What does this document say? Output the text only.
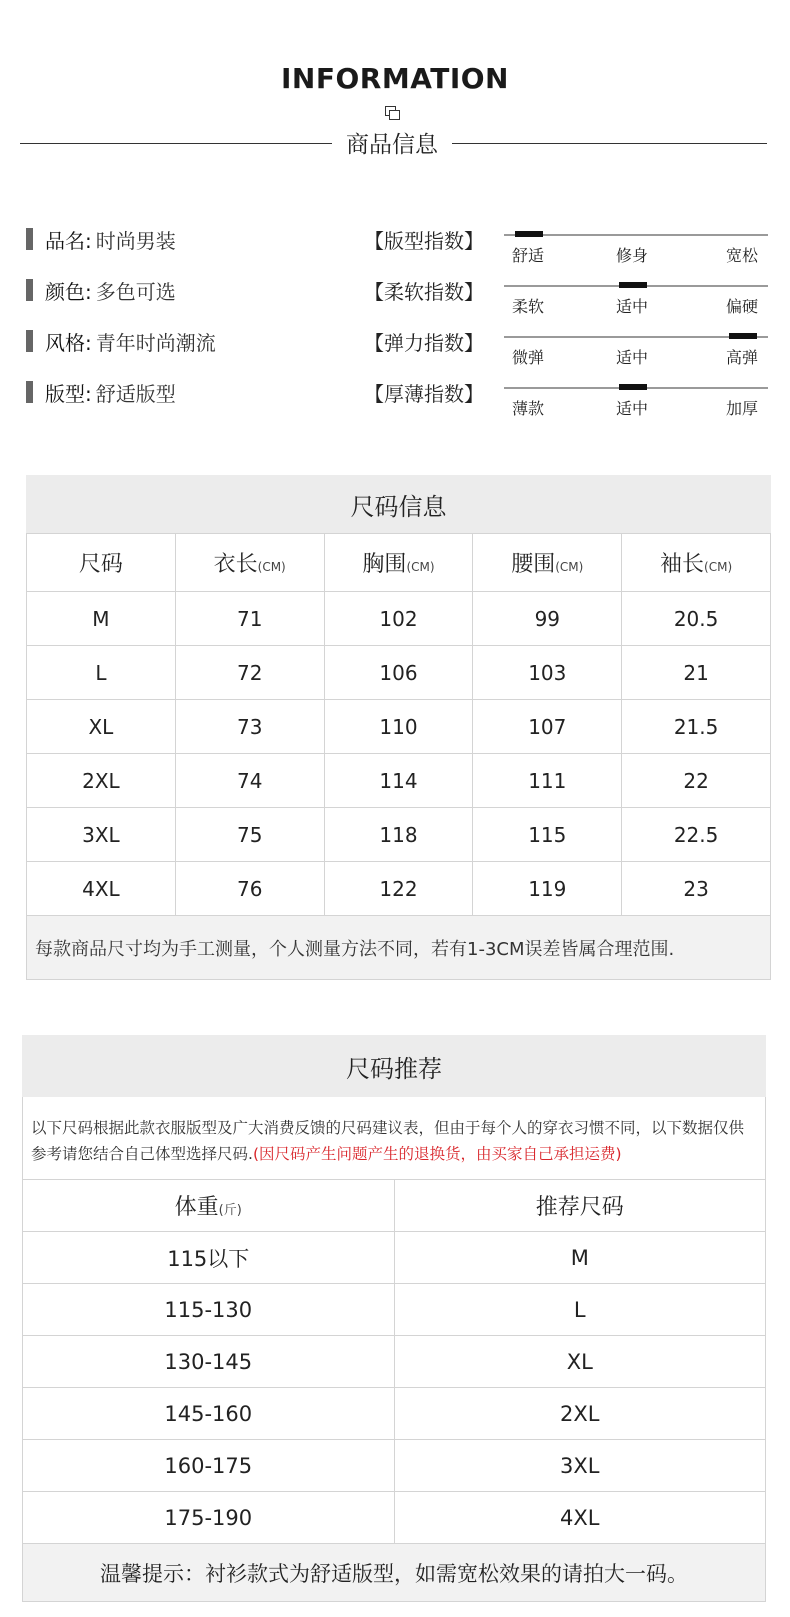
INFORMATION
商品信息
品名: 时尚男装
颜色: 多色可选
风格: 青年时尚潮流
版型: 舒适版型
【版型指数】
舒适	修身	宽松
【柔软指数】
柔软	适中	偏硬
【弹力指数】
微弹	适中	高弹
【厚薄指数】
薄款	适中	加厚
尺码信息
尺码	衣长(CM)	胸围(CM)	腰围(CM)	袖长(CM)
M	71	102	99	20.5
L	72	106	103	21
XL	73	110	107	21.5
2XL	74	114	111	22
3XL	75	118	115	22.5
4XL	76	122	119	23
每款商品尺寸均为手工测量，个人测量方法不同，若有1-3CM误差皆属合理范围.
尺码推荐
以下尺码根据此款衣服版型及广大消费反馈的尺码建议表，但由于每个人的穿衣习惯不同，以下数据仅供参考请您结合自己体型选择尺码.(因尺码产生问题产生的退换货，由买家自己承担运费)
体重(斤)	推荐尺码
115以下	M
115-130	L
130-145	XL
145-160	2XL
160-175	3XL
175-190	4XL
温馨提示：衬衫款式为舒适版型，如需宽松效果的请拍大一码。
